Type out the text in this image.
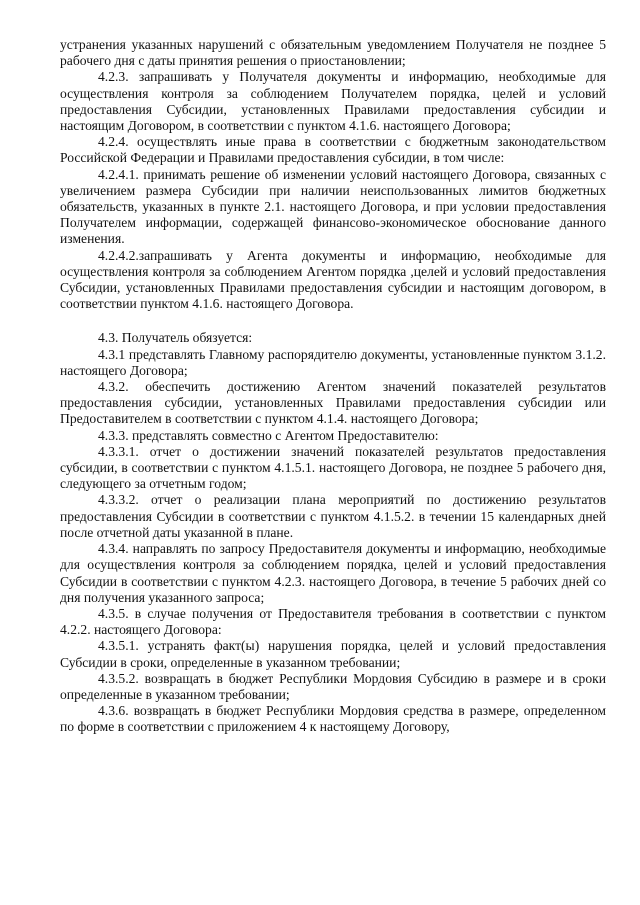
устранения указанных нарушений с обязательным уведомлением Получателя не позднее 5 рабочего дня с даты принятия решения о приостановлении;

4.2.3. запрашивать у Получателя документы и информацию, необходимые для осуществления контроля за соблюдением Получателем порядка, целей и условий предоставления Субсидии, установленных Правилами предоставления субсидии и настоящим Договором, в соответствии с пунктом 4.1.6. настоящего Договора;

4.2.4. осуществлять иные права в соответствии с бюджетным законодательством Российской Федерации и Правилами предоставления субсидии, в том числе:

4.2.4.1. принимать решение об изменении условий настоящего Договора, связанных с увеличением размера Субсидии при наличии неиспользованных лимитов бюджетных обязательств, указанных в пункте 2.1. настоящего Договора, и при условии предоставления Получателем информации, содержащей финансово-экономическое обоснование данного изменения.

4.2.4.2.запрашивать у Агента документы и информацию, необходимые для осуществления контроля за соблюдением Агентом порядка ,целей и условий предоставления Субсидии, установленных Правилами предоставления субсидии и настоящим договором, в соответствии пунктом 4.1.6. настоящего Договора.

4.3. Получатель обязуется:

4.3.1 представлять Главному распорядителю документы, установленные пунктом 3.1.2. настоящего Договора;

4.3.2. обеспечить достижению Агентом значений показателей результатов предоставления субсидии, установленных Правилами предоставления субсидии или Предоставителем в соответствии с пунктом 4.1.4. настоящего Договора;

4.3.3. представлять совместно с Агентом Предоставителю:

4.3.3.1. отчет о достижении значений показателей результатов предоставления субсидии, в соответствии с пунктом 4.1.5.1. настоящего Договора, не позднее 5 рабочего дня, следующего за отчетным годом;

4.3.3.2. отчет о реализации плана мероприятий по достижению результатов предоставления Субсидии в соответствии с пунктом 4.1.5.2. в течении 15 календарных дней после отчетной даты указанной в плане.

4.3.4. направлять по запросу Предоставителя документы и информацию, необходимые для осуществления контроля за соблюдением порядка, целей и условий предоставления Субсидии в соответствии с пунктом 4.2.3. настоящего Договора, в течение 5 рабочих дней со дня получения указанного запроса;

4.3.5. в случае получения от Предоставителя требования в соответствии с пунктом 4.2.2. настоящего Договора:

4.3.5.1. устранять факт(ы) нарушения порядка, целей и условий предоставления Субсидии в сроки, определенные в указанном требовании;

4.3.5.2. возвращать в бюджет Республики Мордовия Субсидию в размере и в сроки определенные в указанном требовании;

4.3.6. возвращать в бюджет Республики Мордовия средства в размере, определенном по форме в соответствии с приложением 4 к настоящему Договору,
